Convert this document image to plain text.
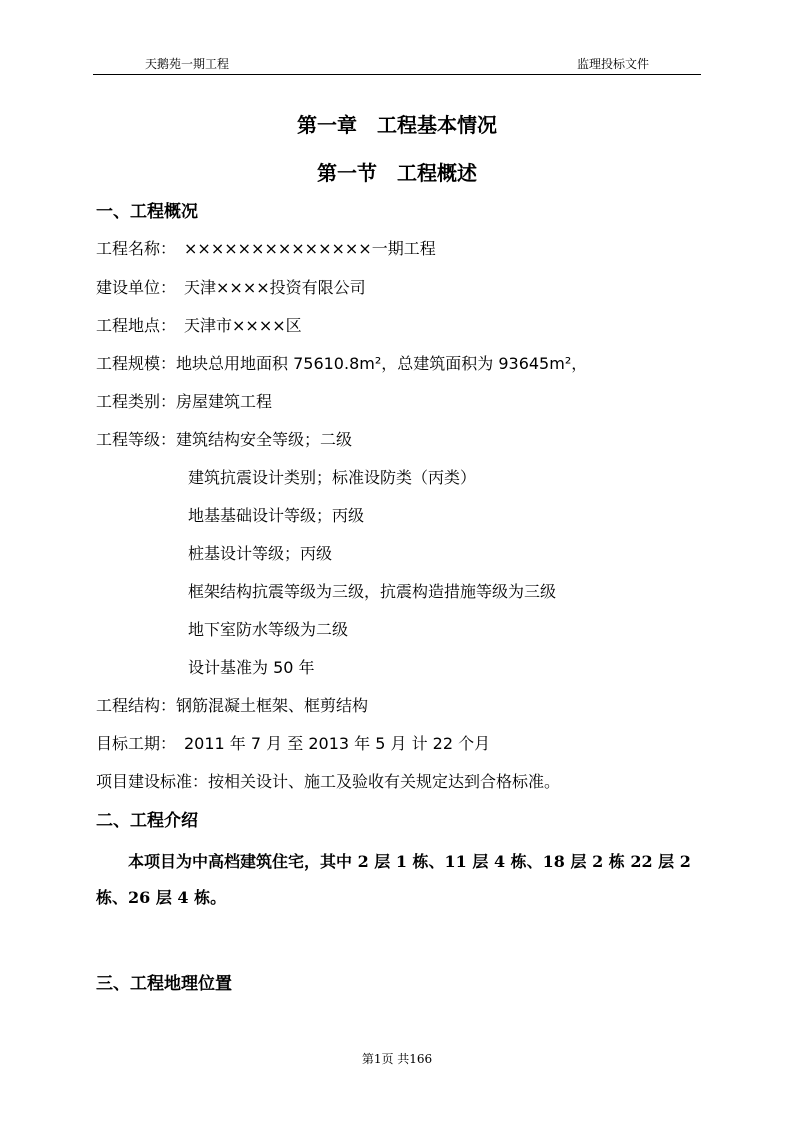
天鹅苑一期工程	监理投标文件
第一章　工程基本情况
第一节　工程概述
一、工程概况
工程名称：　××××××××××××××一期工程
建设单位：　天津××××投资有限公司
工程地点：　天津市××××区
工程规模：地块总用地面积 75610.8m²，总建筑面积为 93645m²，
工程类别：房屋建筑工程
工程等级：建筑结构安全等级；二级
建筑抗震设计类别；标准设防类（丙类）
地基基础设计等级；丙级
桩基设计等级；丙级
框架结构抗震等级为三级，抗震构造措施等级为三级
地下室防水等级为二级
设计基准为 50 年
工程结构：钢筋混凝土框架、框剪结构
目标工期：　2011 年 7 月 至 2013 年 5 月 计 22 个月
项目建设标准：按相关设计、施工及验收有关规定达到合格标准。
二、工程介绍
本项目为中高档建筑住宅，其中 2 层 1 栋、11 层 4 栋、18 层 2 栋 22 层 2 栋、26 层 4 栋。
三、工程地理位置
第1页 共166
